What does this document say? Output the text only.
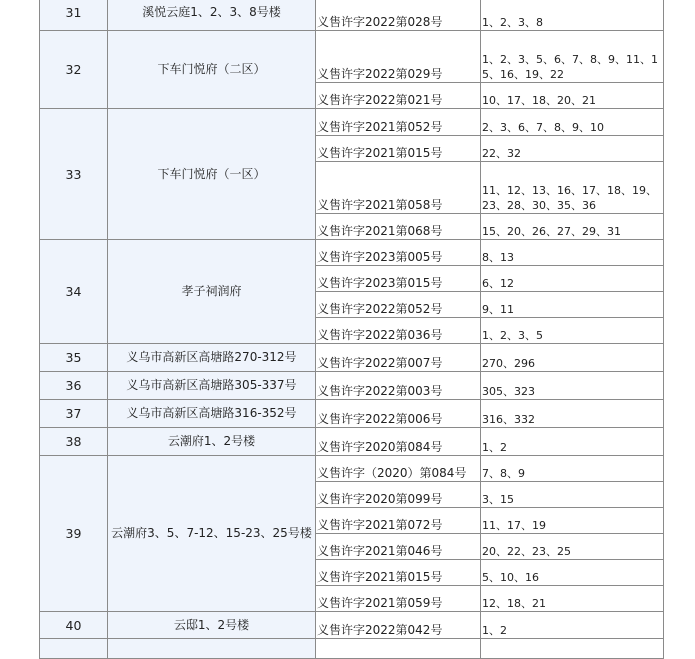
31	溪悦云庭1、2、3、8号楼	义售许字2022第028号	1、2、3、8
32	下车门悦府（二区）	义售许字2022第029号	1、2、3、5、6、7、8、9、11、15、16、19、22
		义售许字2022第021号	10、17、18、20、21
33	下车门悦府（一区）	义售许字2021第052号	2、3、6、7、8、9、10
		义售许字2021第015号	22、32
		义售许字2021第058号	11、12、13、16、17、18、19、23、28、30、35、36
		义售许字2021第068号	15、20、26、27、29、31
34	孝子祠润府	义售许字2023第005号	8、13
		义售许字2023第015号	6、12
		义售许字2022第052号	9、11
		义售许字2022第036号	1、2、3、5
35	义乌市高新区高塘路270-312号	义售许字2022第007号	270、296
36	义乌市高新区高塘路305-337号	义售许字2022第003号	305、323
37	义乌市高新区高塘路316-352号	义售许字2022第006号	316、332
38	云潮府1、2号楼	义售许字2020第084号	1、2
39	云潮府3、5、7-12、15-23、25号楼	义售许字（2020）第084号	7、8、9
		义售许字2020第099号	3、15
		义售许字2021第072号	11、17、19
		义售许字2021第046号	20、22、23、25
		义售许字2021第015号	5、10、16
		义售许字2021第059号	12、18、21
40	云邸1、2号楼	义售许字2022第042号	1、2
